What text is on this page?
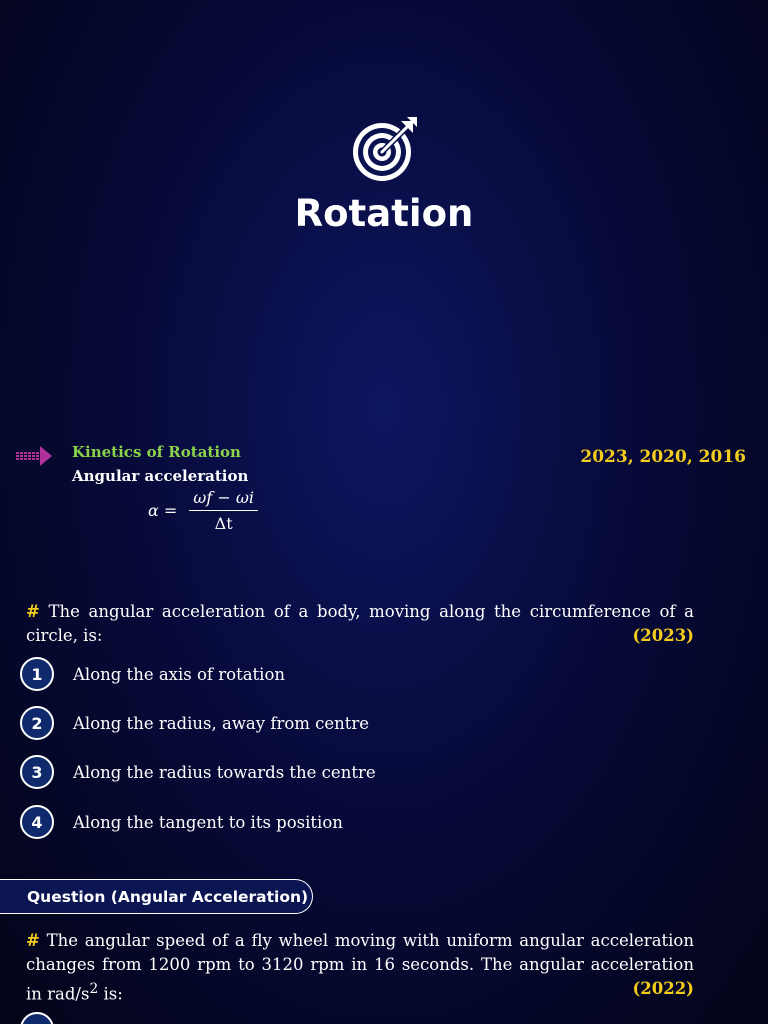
Rotation
Kinetics of Rotation
Angular acceleration
2023, 2020, 2016
$\alpha = \frac{\omega f - \omega i}{\Delta t}$
# The angular acceleration of a body, moving along the circumference of a circle, is:	(2023)
1	Along the axis of rotation
2	Along the radius, away from centre
3	Along the radius towards the centre
4	Along the tangent to its position
Question (Angular Acceleration)
# The angular speed of a fly wheel moving with uniform angular acceleration changes from 1200 rpm to 3120 rpm in 16 seconds. The angular acceleration in rad/$s^2$ is:	(2022)
